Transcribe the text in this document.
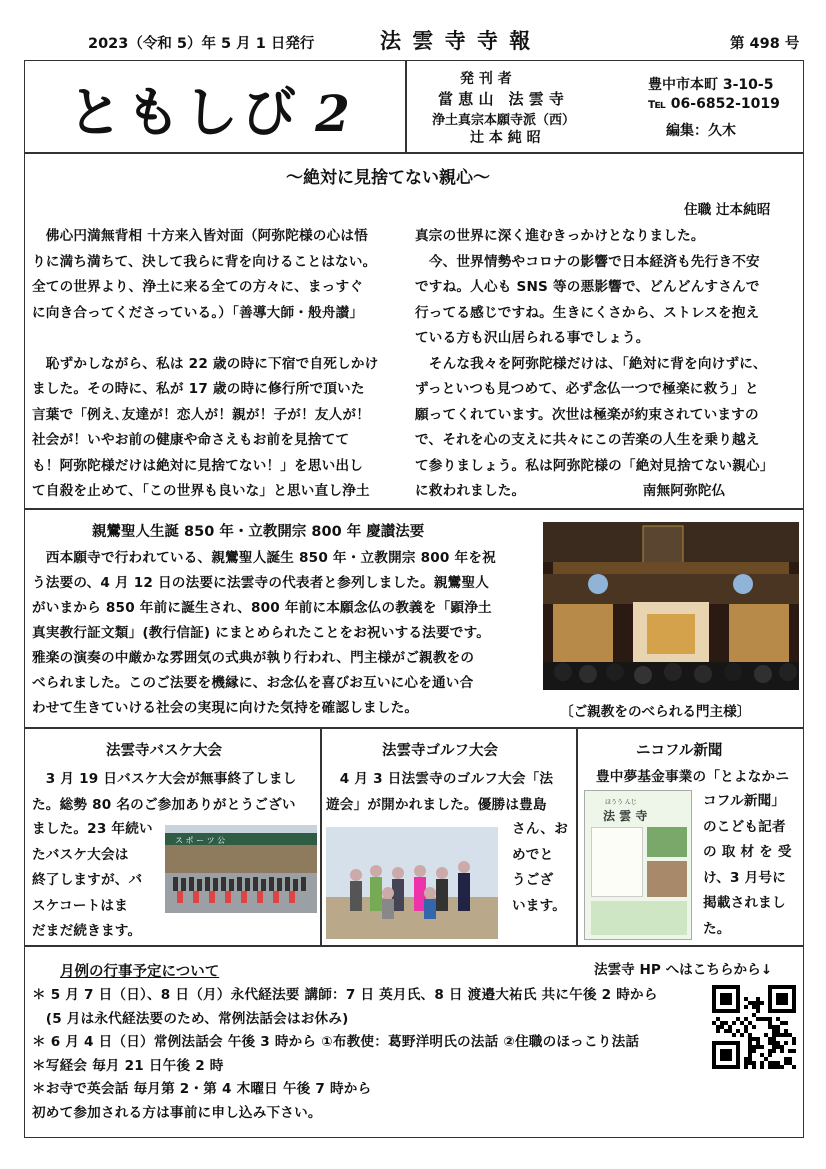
2023（令和 5）年 5 月 1 日発行	法 雲 寺 寺 報	第 498 号
ともしび 2
発 刊 者
當 恵 山　法 雲 寺
浄土真宗本願寺派（西）
辻 本 純 昭
豊中市本町 3-10-5
℡ 06-6852-1019
編集：久木
〜絶対に見捨てない親心〜
住職 辻本純昭
　佛心円満無背相 十方来入皆対面（阿弥陀様の心は悟
りに満ち満ちて、決して我らに背を向けることはない。
全ての世界より、浄土に来る全ての方々に、まっすぐ
に向き合ってくださっている。）「善導大師・般舟讃」

　恥ずかしながら、私は 22 歳の時に下宿で自死しかけ
ました。その時に、私が 17 歳の時に修行所で頂いた
言葉で「例え､友達が！恋人が！親が！子が！友人が！
社会が！いやお前の健康や命さえもお前を見捨てて
も！阿弥陀様だけは絶対に見捨てない！」を思い出し
て自殺を止めて、「この世界も良いな」と思い直し浄土
真宗の世界に深く進むきっかけとなりました。
　今、世界情勢やコロナの影響で日本経済も先行き不安
ですね。人心も SNS 等の悪影響で、どんどんすさんで
行ってる感じですね。生きにくさから、ストレスを抱え
ている方も沢山居られる事でしょう。
　そんな我々を阿弥陀様だけは、「絶対に背を向けずに、
ずっといつも見つめて、必ず念仏一つで極楽に救う」と
願ってくれています。次世は極楽が約束されていますの
で、それを心の支えに共々にこの苦楽の人生を乗り越え
て参りましょう。私は阿弥陀様の「絶対見捨てない親心」
に救われました。　　　　　　　　　南無阿弥陀仏
親鸞聖人生誕 850 年・立教開宗 800 年 慶讃法要
　西本願寺で行われている、親鸞聖人誕生 850 年・立教開宗 800 年を祝
う法要の、4 月 12 日の法要に法雲寺の代表者と参列しました。親鸞聖人
がいまから 850 年前に誕生され、800 年前に本願念仏の教義を「顕浄土
真実教行証文類」(教行信証) にまとめられたことをお祝いする法要です。
雅楽の演奏の中厳かな雰囲気の式典が執り行われ、門主様がご親教をの
べられました。このご法要を機縁に、お念仏を喜びお互いに心を通い合
わせて生きていける社会の実現に向けた気持を確認しました。	〔ご親教をのべられる門主様〕
法雲寺バスケ大会
　3 月 19 日バスケ大会が無事終了しまし
た。総勢 80 名のご参加ありがとうござい
ました。23 年続い
たバスケ大会は
終了しますが、バ
スケコートはま
だまだ続きます。
ス ポ ー ツ 公
法雲寺ゴルフ大会
　4 月 3 日法雲寺のゴルフ大会「法
遊会」が開かれました。優勝は豊島
さん、お
めでと
うござ
います。
ニコフル新聞
豊中夢基金事業の「とよなかニ
ほうう んじ
法 雲 寺
コフル新聞」
のこども記者
の 取 材 を 受
け、3 月号に
掲載されまし
た。
月例の行事予定について	法雲寺 HP へはこちらから↓
＊ 5 月 7 日（日）、8 日（月）永代経法要 講師：7 日 英月氏、8 日 渡邉大祐氏 共に午後 2 時から
　(5 月は永代経法要のため、常例法話会はお休み)
＊ 6 月 4 日（日）常例法話会 午後 3 時から ①布教使：葛野洋明氏の法話 ②住職のほっこり法話
＊写経会 毎月 21 日午後 2 時
＊お寺で英会話 毎月第 2・第 4 木曜日 午後 7 時から
初めて参加される方は事前に申し込み下さい。
